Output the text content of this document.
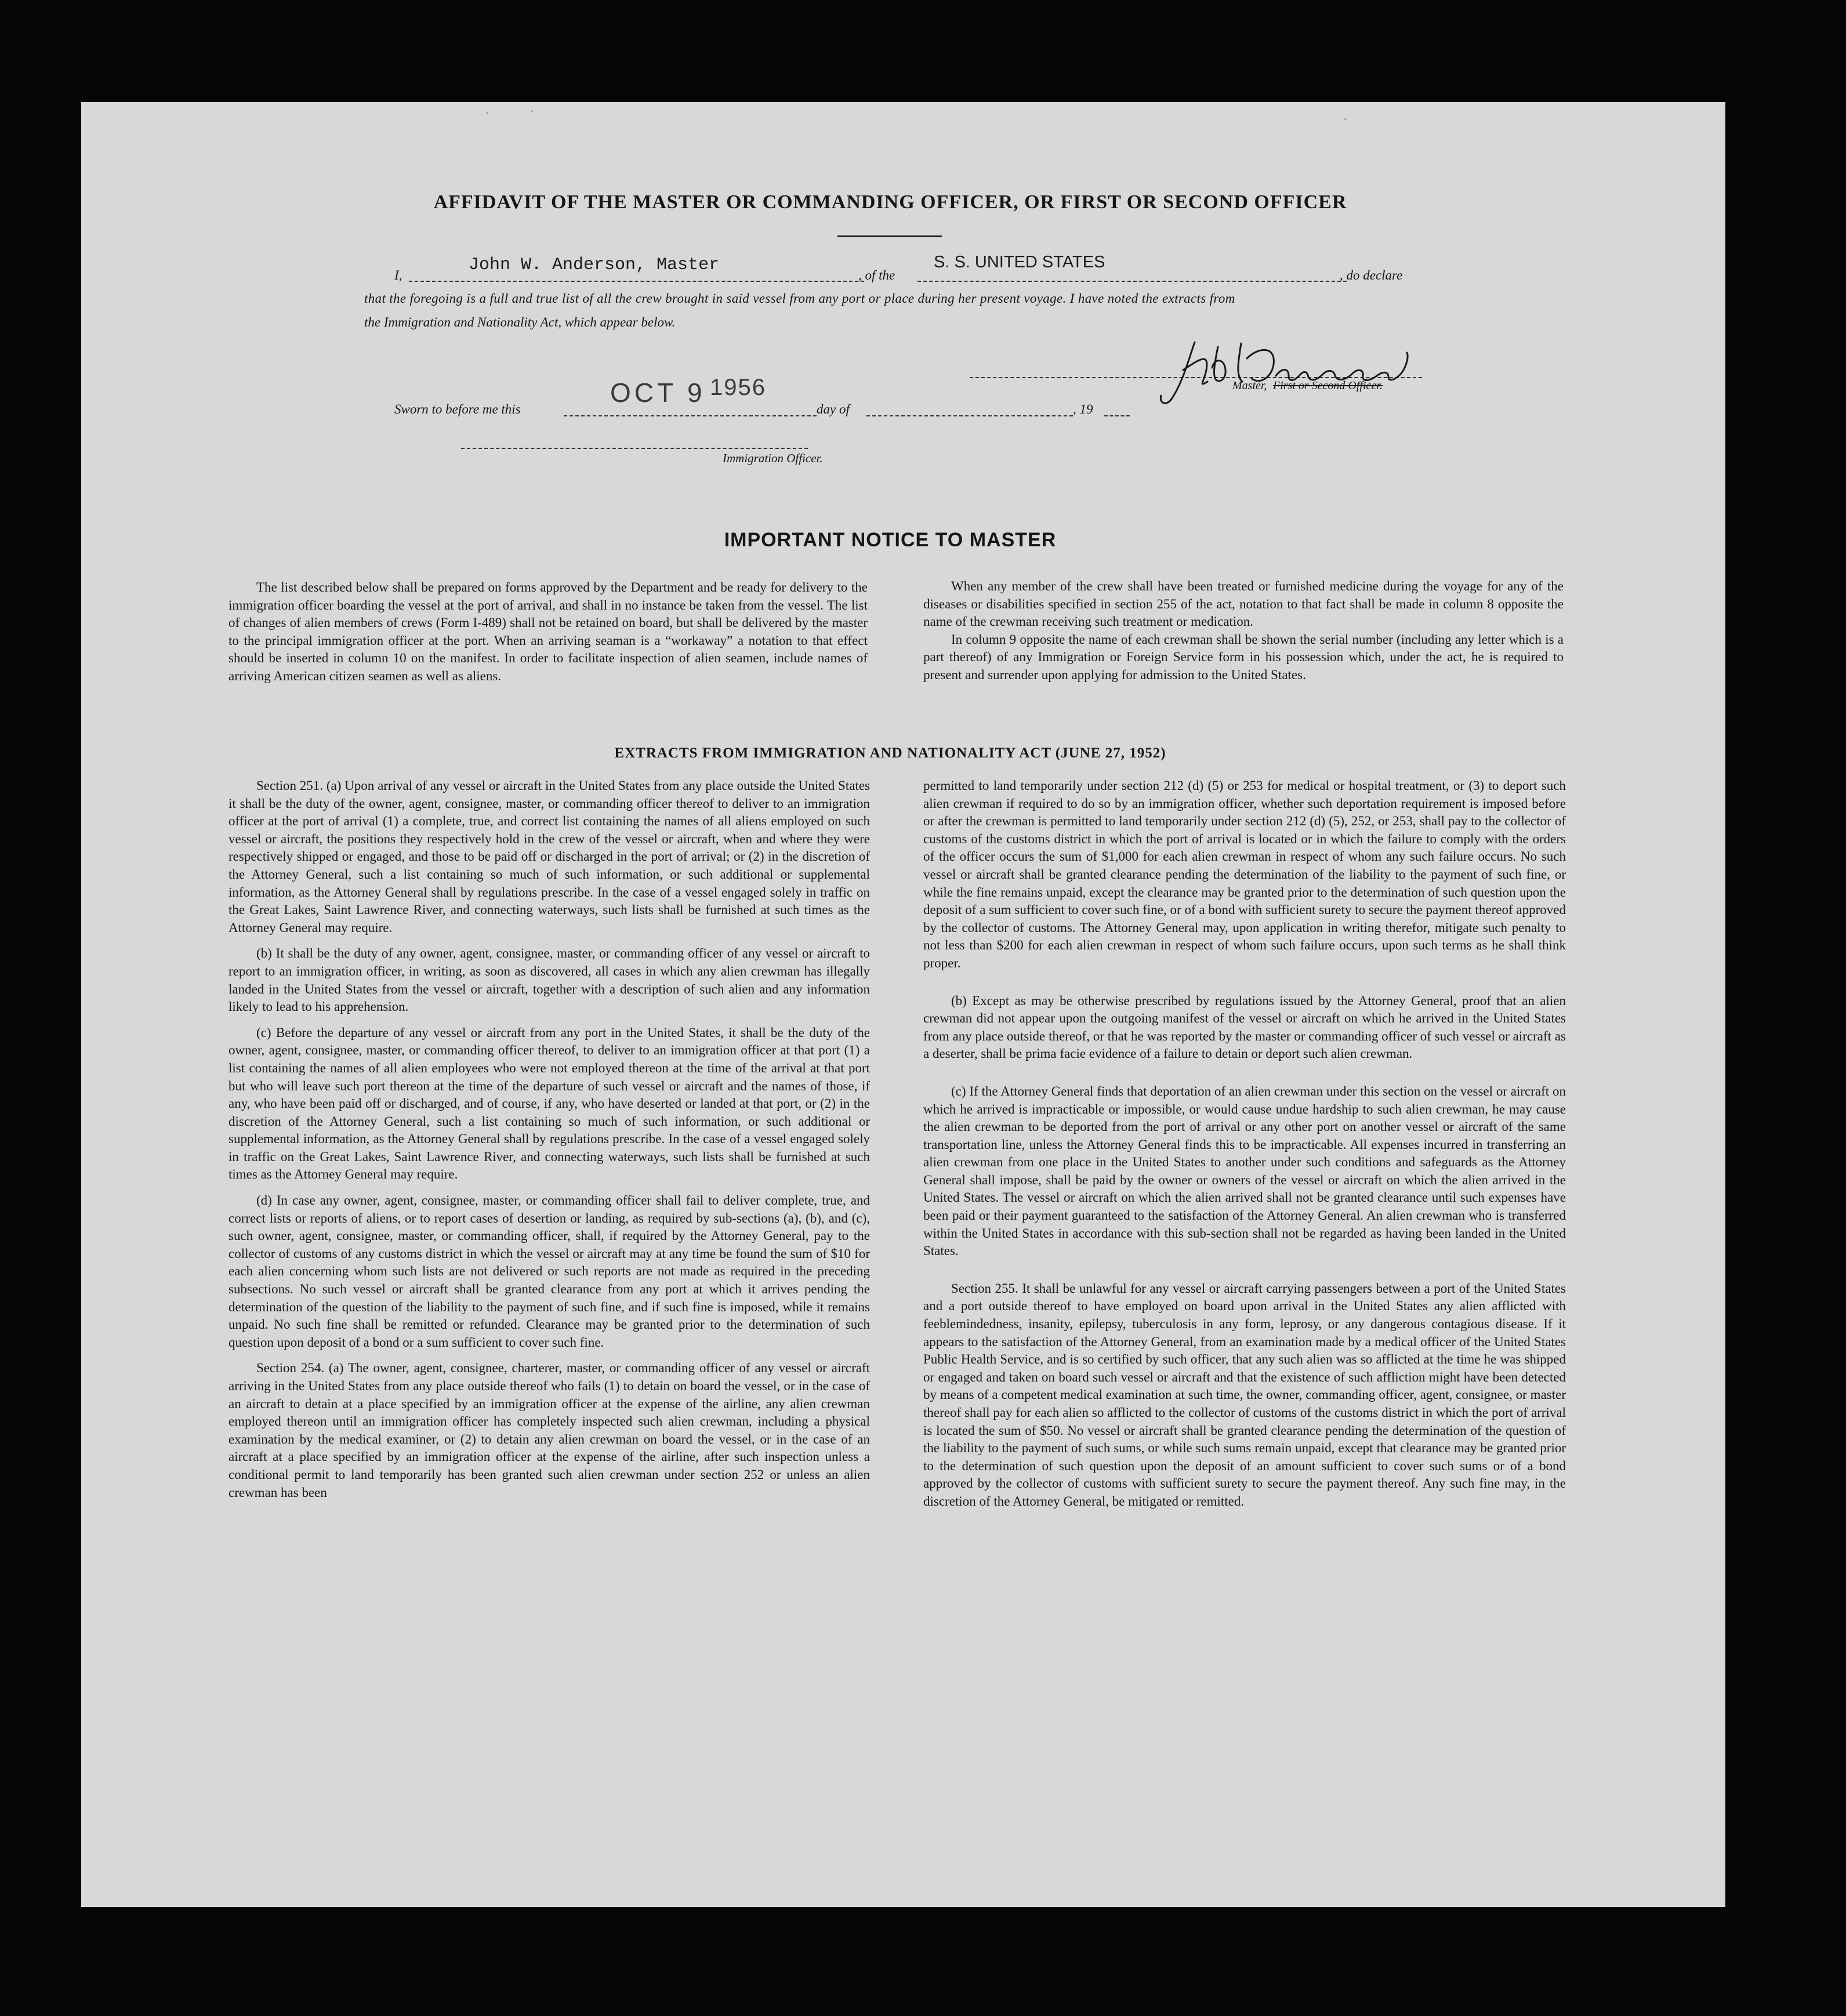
AFFIDAVIT OF THE MASTER OR COMMANDING OFFICER, OR FIRST OR SECOND OFFICER
I,
John W. Anderson, Master
, of the
S. S. UNITED STATES
, do declare
that the foregoing is a full and true list of all the crew brought in said vessel from any port or place during her present voyage. I have noted the extracts from
the Immigration and Nationality Act, which appear below.
Master, First or Second Officer.
Sworn to before me this
OCT 9 1956
day of	, 19
Immigration Officer.
IMPORTANT NOTICE TO MASTER

The list described below shall be prepared on forms approved by the Department and be ready for delivery to the immigration officer boarding the vessel at the port of arrival, and shall in no instance be taken from the vessel. The list of changes of alien members of crews (Form I-489) shall not be retained on board, but shall be delivered by the master to the principal immigration officer at the port. When an arriving seaman is a “workaway” a notation to that effect should be inserted in column 10 on the manifest. In order to facilitate inspection of alien seamen, include names of arriving American citizen seamen as well as aliens.

When any member of the crew shall have been treated or furnished medicine during the voyage for any of the diseases or disabilities specified in section 255 of the act, notation to that fact shall be made in column 8 opposite the name of the crewman receiving such treatment or medication.

In column 9 opposite the name of each crewman shall be shown the serial number (including any letter which is a part thereof) of any Immigration or Foreign Service form in his possession which, under the act, he is required to present and surrender upon applying for admission to the United States.

EXTRACTS FROM IMMIGRATION AND NATIONALITY ACT (JUNE 27, 1952)

Section 251. (a) Upon arrival of any vessel or aircraft in the United States from any place outside the United States it shall be the duty of the owner, agent, consignee, master, or commanding officer thereof to deliver to an immigration officer at the port of arrival (1) a complete, true, and correct list containing the names of all aliens employed on such vessel or aircraft, the positions they respectively hold in the crew of the vessel or aircraft, when and where they were respectively shipped or engaged, and those to be paid off or discharged in the port of arrival; or (2) in the discretion of the Attorney General, such a list containing so much of such information, or such additional or supplemental information, as the Attorney General shall by regulations prescribe. In the case of a vessel engaged solely in traffic on the Great Lakes, Saint Lawrence River, and connecting waterways, such lists shall be furnished at such times as the Attorney General may require.

(b) It shall be the duty of any owner, agent, consignee, master, or commanding officer of any vessel or aircraft to report to an immigration officer, in writing, as soon as discovered, all cases in which any alien crewman has illegally landed in the United States from the vessel or aircraft, together with a description of such alien and any information likely to lead to his apprehension.

(c) Before the departure of any vessel or aircraft from any port in the United States, it shall be the duty of the owner, agent, consignee, master, or commanding officer thereof, to deliver to an immigration officer at that port (1) a list containing the names of all alien employees who were not employed thereon at the time of the arrival at that port but who will leave such port thereon at the time of the departure of such vessel or aircraft and the names of those, if any, who have been paid off or discharged, and of course, if any, who have deserted or landed at that port, or (2) in the discretion of the Attorney General, such a list containing so much of such information, or such additional or supplemental information, as the Attorney General shall by regulations prescribe. In the case of a vessel engaged solely in traffic on the Great Lakes, Saint Lawrence River, and connecting waterways, such lists shall be furnished at such times as the Attorney General may require.

(d) In case any owner, agent, consignee, master, or commanding officer shall fail to deliver complete, true, and correct lists or reports of aliens, or to report cases of desertion or landing, as required by sub-sections (a), (b), and (c), such owner, agent, consignee, master, or commanding officer, shall, if required by the Attorney General, pay to the collector of customs of any customs district in which the vessel or aircraft may at any time be found the sum of $10 for each alien concerning whom such lists are not delivered or such reports are not made as required in the preceding subsections. No such vessel or aircraft shall be granted clearance from any port at which it arrives pending the determination of the question of the liability to the payment of such fine, and if such fine is imposed, while it remains unpaid. No such fine shall be remitted or refunded. Clearance may be granted prior to the determination of such question upon deposit of a bond or a sum sufficient to cover such fine.

Section 254. (a) The owner, agent, consignee, charterer, master, or commanding officer of any vessel or aircraft arriving in the United States from any place outside thereof who fails (1) to detain on board the vessel, or in the case of an aircraft to detain at a place specified by an immigration officer at the expense of the airline, any alien crewman employed thereon until an immigration officer has completely inspected such alien crewman, including a physical examination by the medical examiner, or (2) to detain any alien crewman on board the vessel, or in the case of an aircraft at a place specified by an immigration officer at the expense of the airline, after such inspection unless a conditional permit to land temporarily has been granted such alien crewman under section 252 or unless an alien crewman has been

permitted to land temporarily under section 212 (d) (5) or 253 for medical or hospital treatment, or (3) to deport such alien crewman if required to do so by an immigration officer, whether such deportation requirement is imposed before or after the crewman is permitted to land temporarily under section 212 (d) (5), 252, or 253, shall pay to the collector of customs of the customs district in which the port of arrival is located or in which the failure to comply with the orders of the officer occurs the sum of $1,000 for each alien crewman in respect of whom any such failure occurs. No such vessel or aircraft shall be granted clearance pending the determination of the liability to the payment of such fine, or while the fine remains unpaid, except the clearance may be granted prior to the determination of such question upon the deposit of a sum sufficient to cover such fine, or of a bond with sufficient surety to secure the payment thereof approved by the collector of customs. The Attorney General may, upon application in writing therefor, mitigate such penalty to not less than $200 for each alien crewman in respect of whom such failure occurs, upon such terms as he shall think proper.

(b) Except as may be otherwise prescribed by regulations issued by the Attorney General, proof that an alien crewman did not appear upon the outgoing manifest of the vessel or aircraft on which he arrived in the United States from any place outside thereof, or that he was reported by the master or commanding officer of such vessel or aircraft as a deserter, shall be prima facie evidence of a failure to detain or deport such alien crewman.

(c) If the Attorney General finds that deportation of an alien crewman under this section on the vessel or aircraft on which he arrived is impracticable or impossible, or would cause undue hardship to such alien crewman, he may cause the alien crewman to be deported from the port of arrival or any other port on another vessel or aircraft of the same transportation line, unless the Attorney General finds this to be impracticable. All expenses incurred in transferring an alien crewman from one place in the United States to another under such conditions and safeguards as the Attorney General shall impose, shall be paid by the owner or owners of the vessel or aircraft on which the alien arrived in the United States. The vessel or aircraft on which the alien arrived shall not be granted clearance until such expenses have been paid or their payment guaranteed to the satisfaction of the Attorney General. An alien crewman who is transferred within the United States in accordance with this sub-section shall not be regarded as having been landed in the United States.

Section 255. It shall be unlawful for any vessel or aircraft carrying passengers between a port of the United States and a port outside thereof to have employed on board upon arrival in the United States any alien afflicted with feeblemindedness, insanity, epilepsy, tuberculosis in any form, leprosy, or any dangerous contagious disease. If it appears to the satisfaction of the Attorney General, from an examination made by a medical officer of the United States Public Health Service, and is so certified by such officer, that any such alien was so afflicted at the time he was shipped or engaged and taken on board such vessel or aircraft and that the existence of such affliction might have been detected by means of a competent medical examination at such time, the owner, commanding officer, agent, consignee, or master thereof shall pay for each alien so afflicted to the collector of customs of the customs district in which the port of arrival is located the sum of $50. No vessel or aircraft shall be granted clearance pending the determination of the question of the liability to the payment of such sums, or while such sums remain unpaid, except that clearance may be granted prior to the determination of such question upon the deposit of an amount sufficient to cover such sums or of a bond approved by the collector of customs with sufficient surety to secure the payment thereof. Any such fine may, in the discretion of the Attorney General, be mitigated or remitted.
